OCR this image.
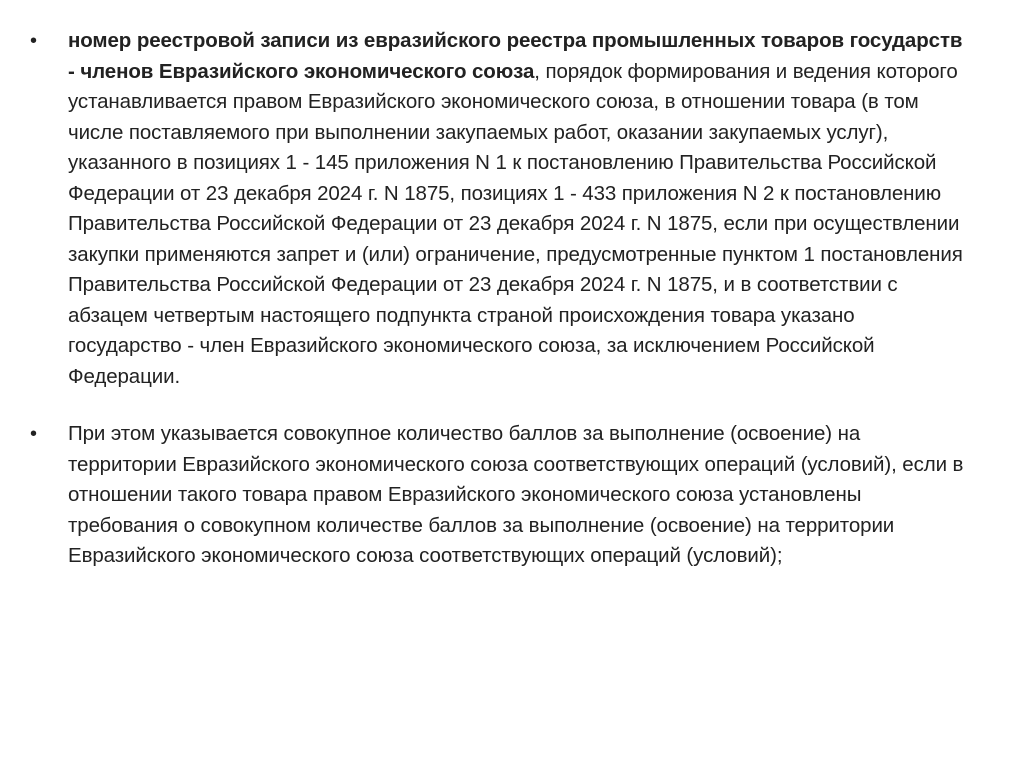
•	номер реестровой записи из евразийского реестра промышленных товаров государств - членов Евразийского экономического союза, порядок формирования и ведения которого устанавливается правом Евразийского экономического союза, в отношении товара (в том числе поставляемого при выполнении закупаемых работ, оказании закупаемых услуг), указанного в позициях 1 - 145 приложения N 1 к постановлению Правительства Российской Федерации от 23 декабря 2024 г. N 1875, позициях 1 - 433 приложения N 2 к постановлению Правительства Российской Федерации от 23 декабря 2024 г. N 1875, если при осуществлении закупки применяются запрет и (или) ограничение, предусмотренные пунктом 1 постановления Правительства Российской Федерации от 23 декабря 2024 г. N 1875, и в соответствии с абзацем четвертым настоящего подпункта страной происхождения товара указано государство - член Евразийского экономического союза, за исключением Российской Федерации.

•	При этом указывается совокупное количество баллов за выполнение (освоение) на территории Евразийского экономического союза соответствующих операций (условий), если в отношении такого товара правом Евразийского экономического союза установлены требования о совокупном количестве баллов за выполнение (освоение) на территории Евразийского экономического союза соответствующих операций (условий);
